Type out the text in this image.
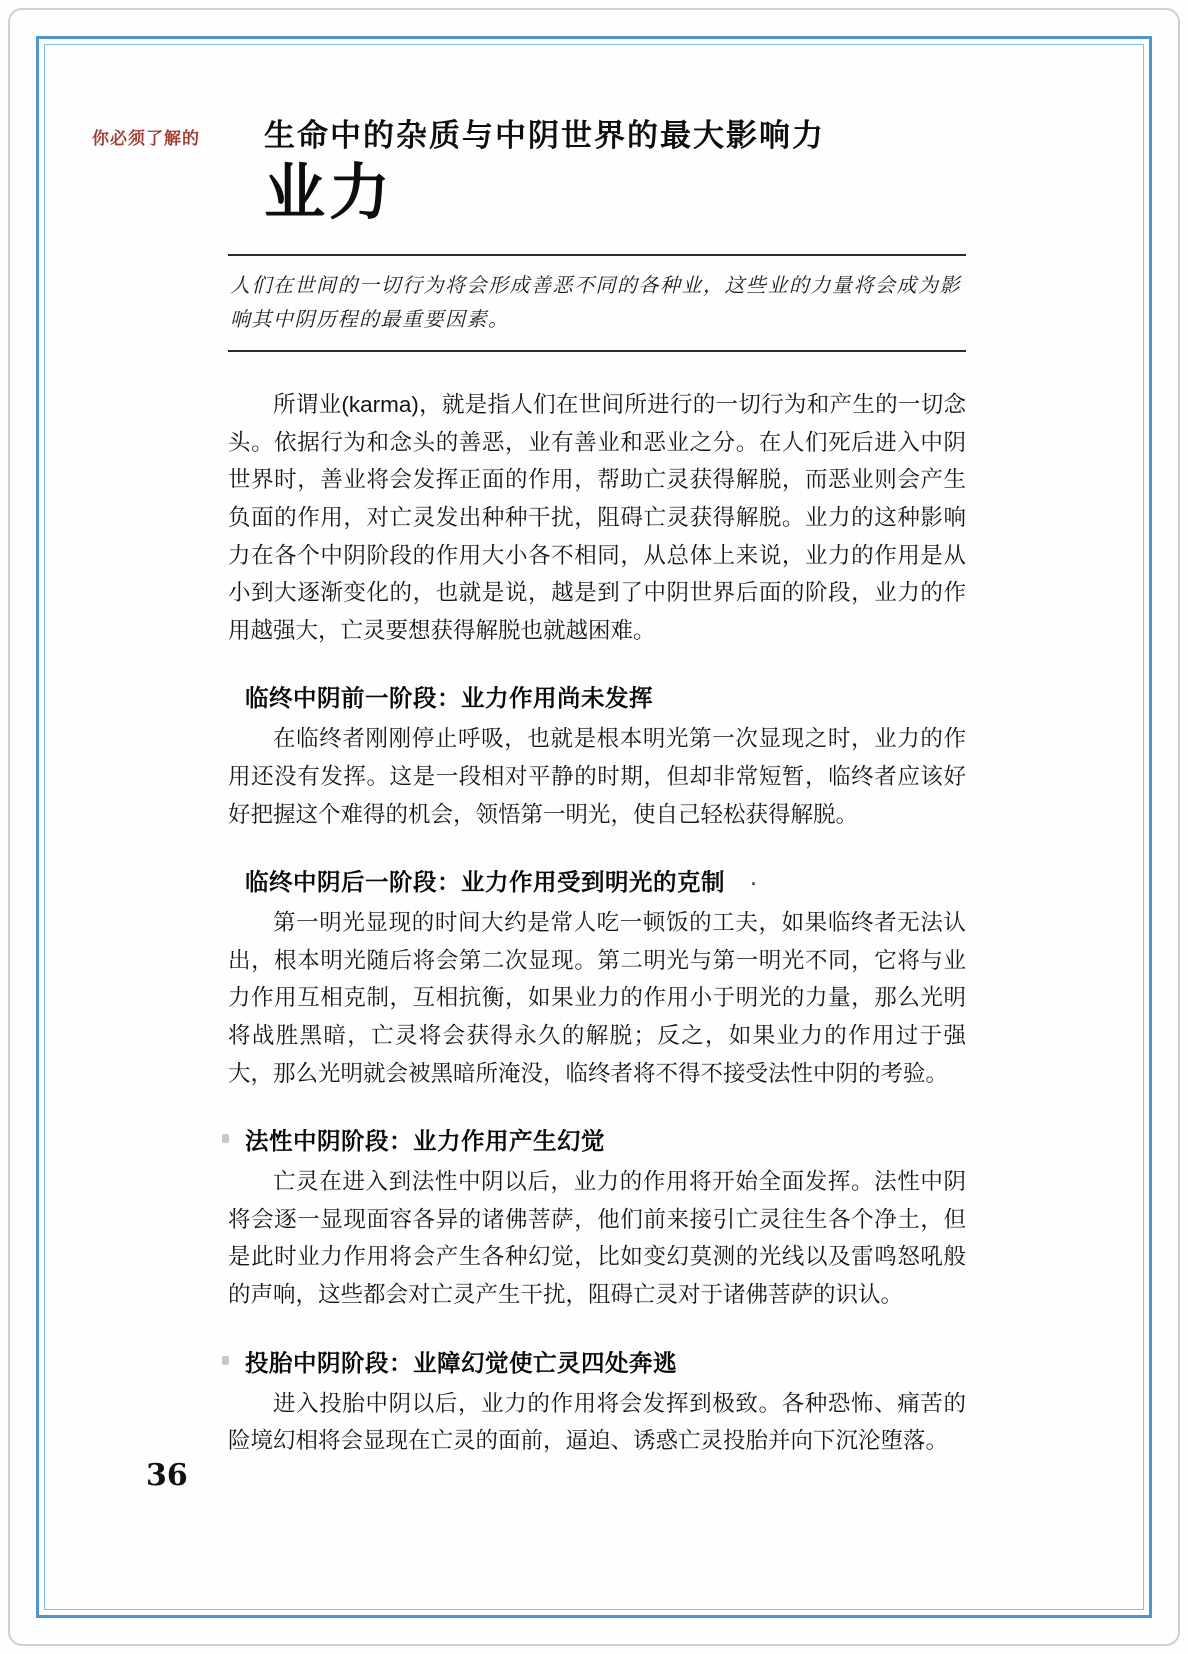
你必须了解的 生命中的杂质与中阴世界的最大影响力
业力
人们在世间的一切行为将会形成善恶不同的各种业，这些业的力量将会成为影响其中阴历程的最重要因素。

所谓业(karma)，就是指人们在世间所进行的一切行为和产生的一切念头。依据行为和念头的善恶，业有善业和恶业之分。在人们死后进入中阴世界时，善业将会发挥正面的作用，帮助亡灵获得解脱，而恶业则会产生负面的作用，对亡灵发出种种干扰，阻碍亡灵获得解脱。业力的这种影响力在各个中阴阶段的作用大小各不相同，从总体上来说，业力的作用是从小到大逐渐变化的，也就是说，越是到了中阴世界后面的阶段，业力的作用越强大，亡灵要想获得解脱也就越困难。

临终中阴前一阶段：业力作用尚未发挥

在临终者刚刚停止呼吸，也就是根本明光第一次显现之时，业力的作用还没有发挥。这是一段相对平静的时期，但却非常短暂，临终者应该好好把握这个难得的机会，领悟第一明光，使自己轻松获得解脱。

临终中阴后一阶段：业力作用受到明光的克制 ·

第一明光显现的时间大约是常人吃一顿饭的工夫，如果临终者无法认出，根本明光随后将会第二次显现。第二明光与第一明光不同，它将与业力作用互相克制，互相抗衡，如果业力的作用小于明光的力量，那么光明将战胜黑暗，亡灵将会获得永久的解脱；反之，如果业力的作用过于强大，那么光明就会被黑暗所淹没，临终者将不得不接受法性中阴的考验。

法性中阴阶段：业力作用产生幻觉

亡灵在进入到法性中阴以后，业力的作用将开始全面发挥。法性中阴将会逐一显现面容各异的诸佛菩萨，他们前来接引亡灵往生各个净土，但是此时业力作用将会产生各种幻觉，比如变幻莫测的光线以及雷鸣怒吼般的声响，这些都会对亡灵产生干扰，阻碍亡灵对于诸佛菩萨的识认。

投胎中阴阶段：业障幻觉使亡灵四处奔逃

进入投胎中阴以后，业力的作用将会发挥到极致。各种恐怖、痛苦的险境幻相将会显现在亡灵的面前，逼迫、诱惑亡灵投胎并向下沉沦堕落。

36
